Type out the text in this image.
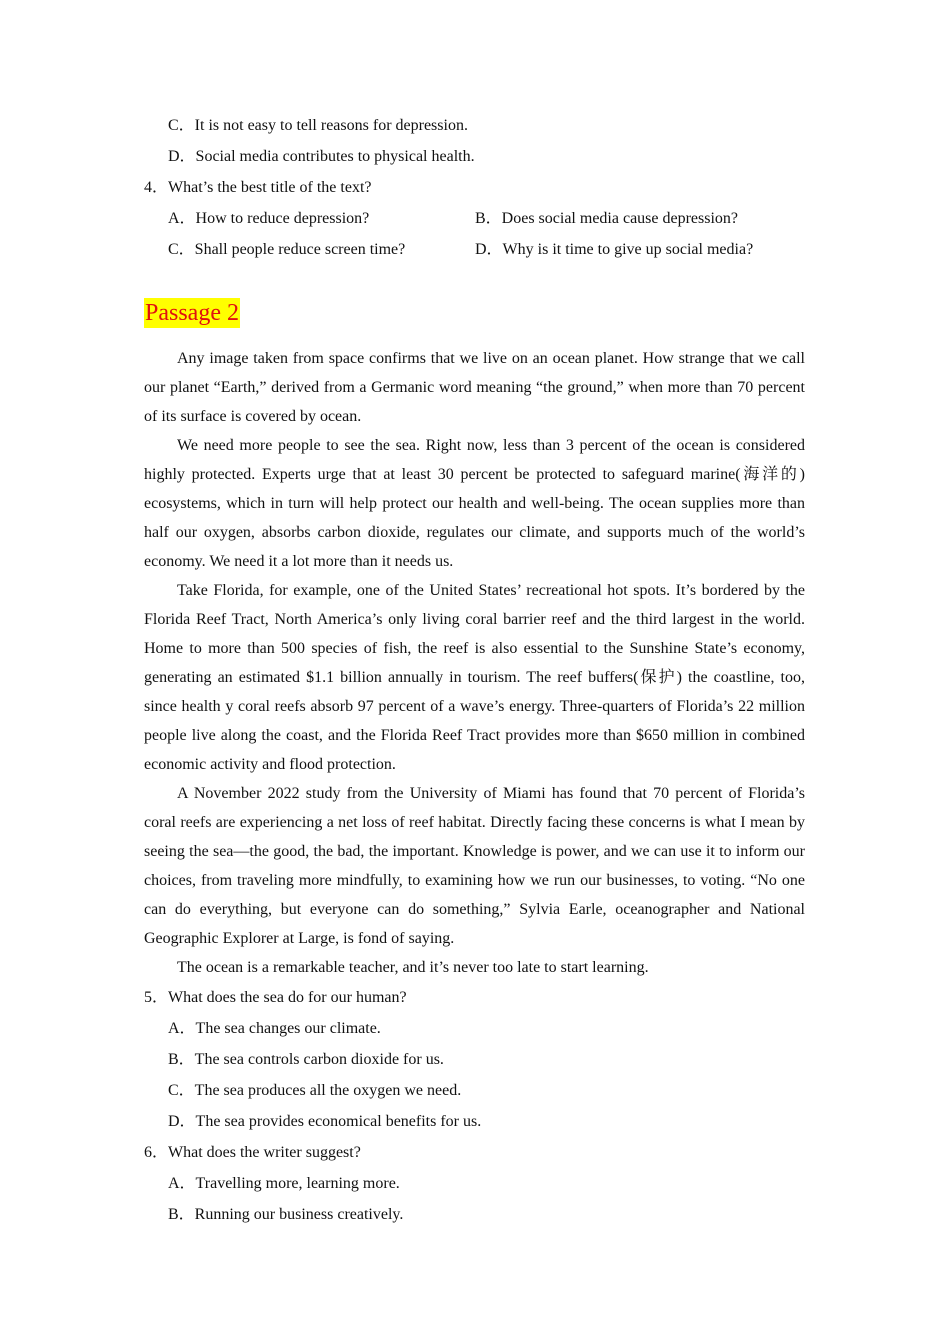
C．It is not easy to tell reasons for depression.
D．Social media contributes to physical health.
4．What’s the best title of the text?
A．How to reduce depression?	B．Does social media cause depression?
C．Shall people reduce screen time?	D．Why is it time to give up social media?
Passage 2

Any image taken from space confirms that we live on an ocean planet. How strange that we call our planet “Earth,” derived from a Germanic word meaning “the ground,” when more than 70 percent of its surface is covered by ocean.

We need more people to see the sea. Right now, less than 3 percent of the ocean is considered highly protected. Experts urge that at least 30 percent be protected to safeguard marine(海洋的) ecosystems, which in turn will help protect our health and well-being. The ocean supplies more than half our oxygen, absorbs carbon dioxide, regulates our climate, and supports much of the world’s economy. We need it a lot more than it needs us.

Take Florida, for example, one of the United States’ recreational hot spots. It’s bordered by the Florida Reef Tract, North America’s only living coral barrier reef and the third largest in the world. Home to more than 500 species of fish, the reef is also essential to the Sunshine State’s economy, generating an estimated $1.1 billion annually in tourism. The reef buffers(保护) the coastline, too, since health y coral reefs absorb 97 percent of a wave’s energy. Three-quarters of Florida’s 22 million people live along the coast, and the Florida Reef Tract provides more than $650 million in combined economic activity and flood protection.

A November 2022 study from the University of Miami has found that 70 percent of Florida’s coral reefs are experiencing a net loss of reef habitat. Directly facing these concerns is what I mean by seeing the sea—the good, the bad, the important. Knowledge is power, and we can use it to inform our choices, from traveling more mindfully, to examining how we run our businesses, to voting. “No one can do everything, but everyone can do something,” Sylvia Earle, oceanographer and National Geographic Explorer at Large, is fond of saying.

The ocean is a remarkable teacher, and it’s never too late to start learning.

5．What does the sea do for our human?
A．The sea changes our climate.
B．The sea controls carbon dioxide for us.
C．The sea produces all the oxygen we need.
D．The sea provides economical benefits for us.
6．What does the writer suggest?
A．Travelling more, learning more.
B．Running our business creatively.
